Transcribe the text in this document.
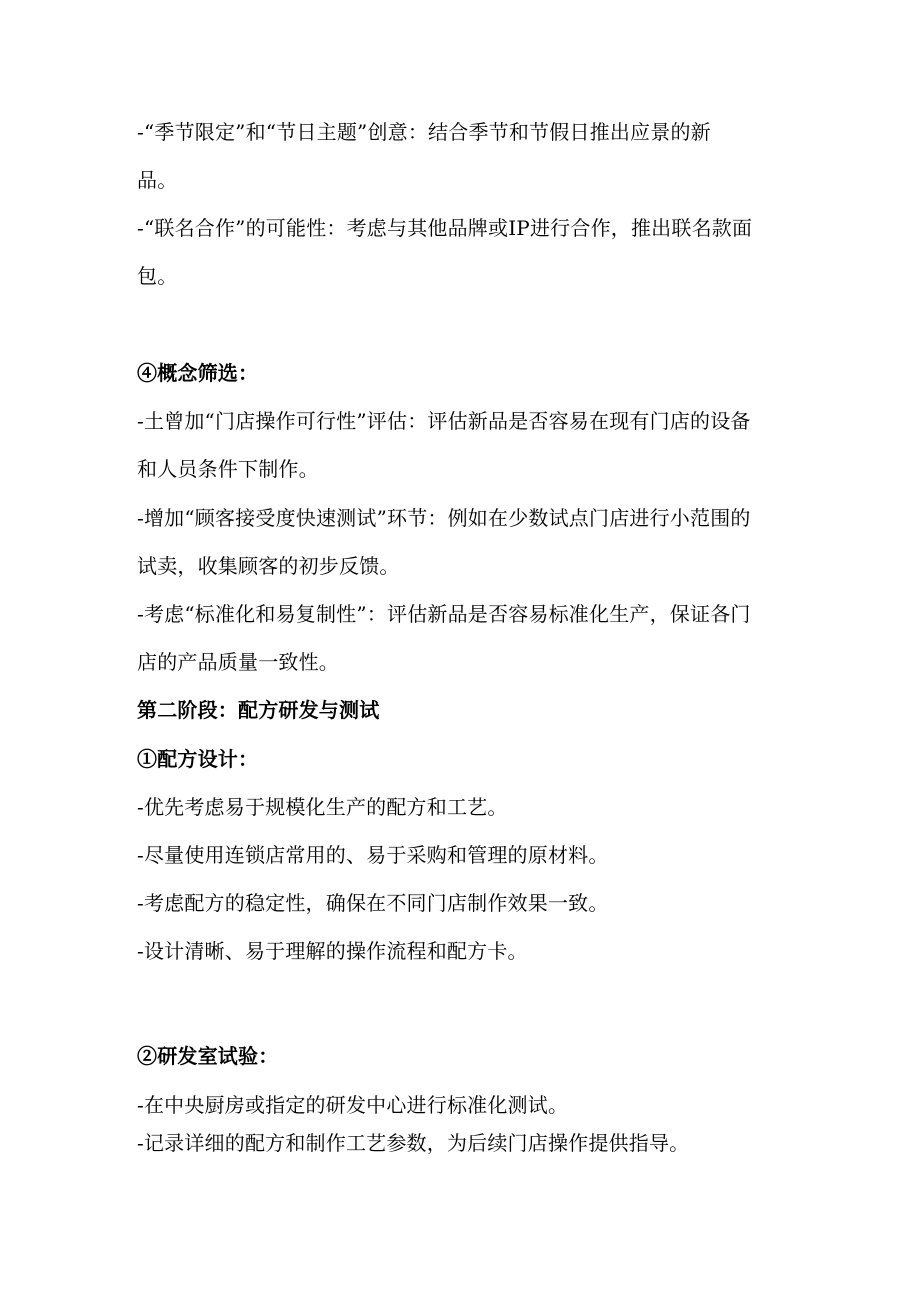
-“季节限定”和“节日主题”创意：结合季节和节假日推出应景的新
品。
-“联名合作”的可能性：考虑与其他品牌或IP进行合作，推出联名款面
包。
④概念筛选：
-土曾加“门店操作可行性”评估：评估新品是否容易在现有门店的设备
和人员条件下制作。
-增加“顾客接受度快速测试”环节：例如在少数试点门店进行小范围的
试卖，收集顾客的初步反馈。
-考虑“标准化和易复制性”：评估新品是否容易标准化生产，保证各门
店的产品质量一致性。
第二阶段：配方研发与测试
①配方设计：
-优先考虑易于规模化生产的配方和工艺。
-尽量使用连锁店常用的、易于采购和管理的原材料。
-考虑配方的稳定性，确保在不同门店制作效果一致。
-设计清晰、易于理解的操作流程和配方卡。
②研发室试验：
-在中央厨房或指定的研发中心进行标准化测试。
-记录详细的配方和制作工艺参数，为后续门店操作提供指导。
